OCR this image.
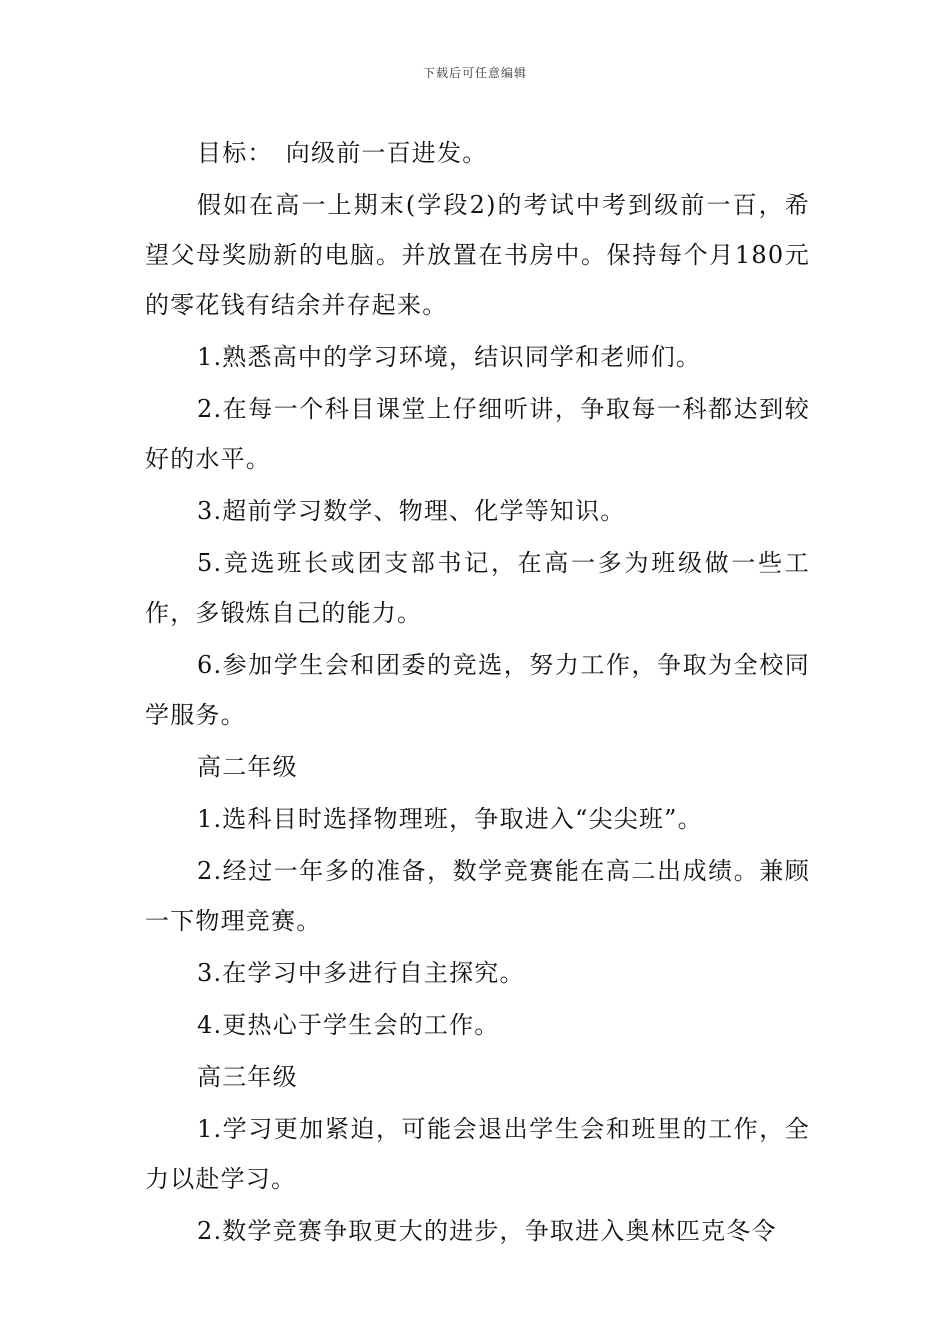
下载后可任意编辑

目标：　向级前一百进发。

假如在高一上期末(学段2)的考试中考到级前一百，希望父母奖励新的电脑。并放置在书房中。保持每个月180元的零花钱有结余并存起来。

1.熟悉高中的学习环境，结识同学和老师们。

2.在每一个科目课堂上仔细听讲，争取每一科都达到较好的水平。

3.超前学习数学、物理、化学等知识。

5.竞选班长或团支部书记，在高一多为班级做一些工作，多锻炼自己的能力。

6.参加学生会和团委的竞选，努力工作，争取为全校同学服务。

高二年级

1.选科目时选择物理班，争取进入“尖尖班”。

2.经过一年多的准备，数学竞赛能在高二出成绩。兼顾一下物理竞赛。

3.在学习中多进行自主探究。

4.更热心于学生会的工作。

高三年级

1.学习更加紧迫，可能会退出学生会和班里的工作，全力以赴学习。

2.数学竞赛争取更大的进步，争取进入奥林匹克冬令
